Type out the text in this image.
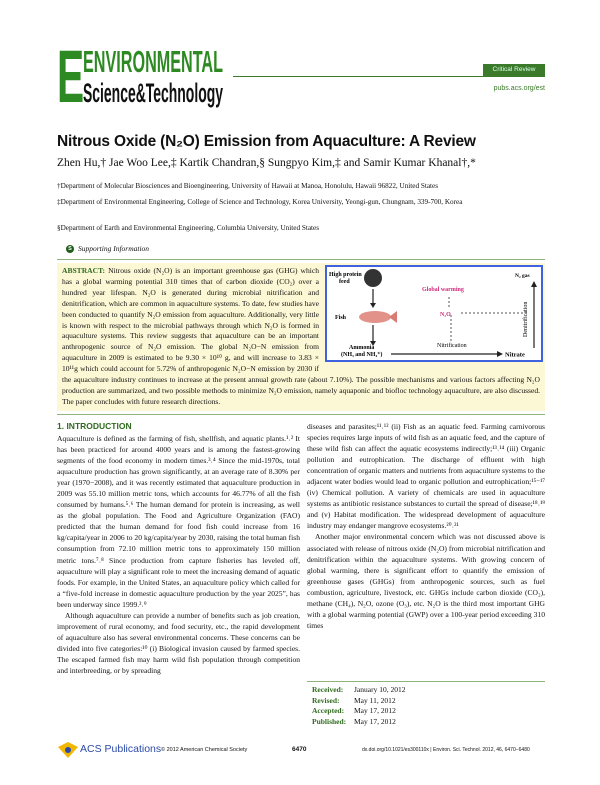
E
ENVIRONMENTAL
Science&Technology
Critical Review
pubs.acs.org/est
Nitrous Oxide (N₂O) Emission from Aquaculture: A Review
Zhen Hu,† Jae Woo Lee,‡ Kartik Chandran,§ Sungpyo Kim,‡ and Samir Kumar Khanal†,*
†Department of Molecular Biosciences and Bioengineering, University of Hawaii at Manoa, Honolulu, Hawaii 96822, United States
‡Department of Environmental Engineering, College of Science and Technology, Korea University, Yeongi-gun, Chungnam, 339-700, Korea
§Department of Earth and Environmental Engineering, Columbia University, United States
S Supporting Information
High protein
feed
Fish
Ammonia
(NH₃ and NH₄⁺)	Nitrate
Nitrification
N₂O
Global warming
N₂ gas
Denitrification
ABSTRACT: Nitrous oxide (N₂O) is an important greenhouse gas (GHG) which has a global warming potential 310 times that of carbon dioxide (CO₂) over a hundred year lifespan. N₂O is generated during microbial nitrification and denitrification, which are common in aquaculture systems. To date, few studies have been conducted to quantify N₂O emission from aquaculture. Additionally, very little is known with respect to the microbial pathways through which N₂O is formed in aquaculture systems. This review suggests that aquaculture can be an important anthropogenic source of N₂O emission. The global N₂O−N emission from aquaculture in 2009 is estimated to be 9.30 × 10¹⁰ g, and will increase to 3.83 × 10¹¹g which could account for 5.72% of anthropogenic N₂O−N emission by 2030 if the aquaculture industry continues to increase at the present annual growth rate (about 7.10%). The possible mechanisms and various factors affecting N₂O production are summarized, and two possible methods to minimize N₂O emission, namely aquaponic and biofloc technology aquaculture, are also discussed. The paper concludes with future research directions.
1. INTRODUCTION

Aquaculture is defined as the farming of fish, shellfish, and aquatic plants.¹˒² It has been practiced for around 4000 years and is among the fastest-growing segments of the food economy in modern times.³˒⁴ Since the mid-1970s, total aquaculture production has grown significantly, at an average rate of 8.30% per year (1970−2008), and it was recently estimated that aquaculture production in 2009 was 55.10 million metric tons, which accounts for 46.77% of all the fish consumed by humans.⁵˒⁶ The human demand for protein is increasing, as well as the global population. The Food and Agriculture Organization (FAO) predicted that the human demand for food fish could increase from 16 kg/capita/year in 2006 to 20 kg/capita/year by 2030, raising the total human fish consumption from 72.10 million metric tons to approximately 150 million metric tons.⁷˒⁸ Since production from capture fisheries has leveled off, aquaculture will play a significant role to meet the increasing demand of aquatic foods. For example, in the United States, an aquaculture policy which called for a “five-fold increase in domestic aquaculture production by the year 2025”, has been underway since 1999.²˒⁹

Although aquaculture can provide a number of benefits such as job creation, improvement of rural economy, and food security, etc., the rapid development of aquaculture also has several environmental concerns. These concerns can be divided into five categories:¹⁰ (i) Biological invasion caused by farmed species. The escaped farmed fish may harm wild fish population through competition and interbreeding, or by spreading

diseases and parasites;¹¹˒¹² (ii) Fish as an aquatic feed. Farming carnivorous species requires large inputs of wild fish as an aquatic feed, and the capture of these wild fish can affect the aquatic ecosystems indirectly;¹³˒¹⁴ (iii) Organic pollution and eutrophication. The discharge of effluent with high concentration of organic matters and nutrients from aquaculture systems to the adjacent water bodies would lead to organic pollution and eutrophication;¹⁵⁻¹⁷ (iv) Chemical pollution. A variety of chemicals are used in aquaculture systems as antibiotic resistance substances to curtail the spread of disease;¹⁸˒¹⁹ and (v) Habitat modification. The widespread development of aquaculture industry may endanger mangrove ecosystems.²⁰˒²¹

Another major environmental concern which was not discussed above is associated with release of nitrous oxide (N₂O) from microbial nitrification and denitrification within the aquaculture systems. With growing concern of global warming, there is significant effort to quantify the emission of greenhouse gases (GHGs) from anthropogenic sources, such as fuel combustion, agriculture, livestock, etc. GHGs include carbon dioxide (CO₂), methane (CH₄), N₂O, ozone (O₃), etc. N₂O is the third most important GHG with a global warming potential (GWP) over a 100-year period exceeding 310 times

Received: January 10, 2012
Revised: May 11, 2012
Accepted: May 17, 2012
Published: May 17, 2012
ACS Publications © 2012 American Chemical Society	6470	dx.doi.org/10.1021/es300110x | Environ. Sci. Technol. 2012, 46, 6470−6480
